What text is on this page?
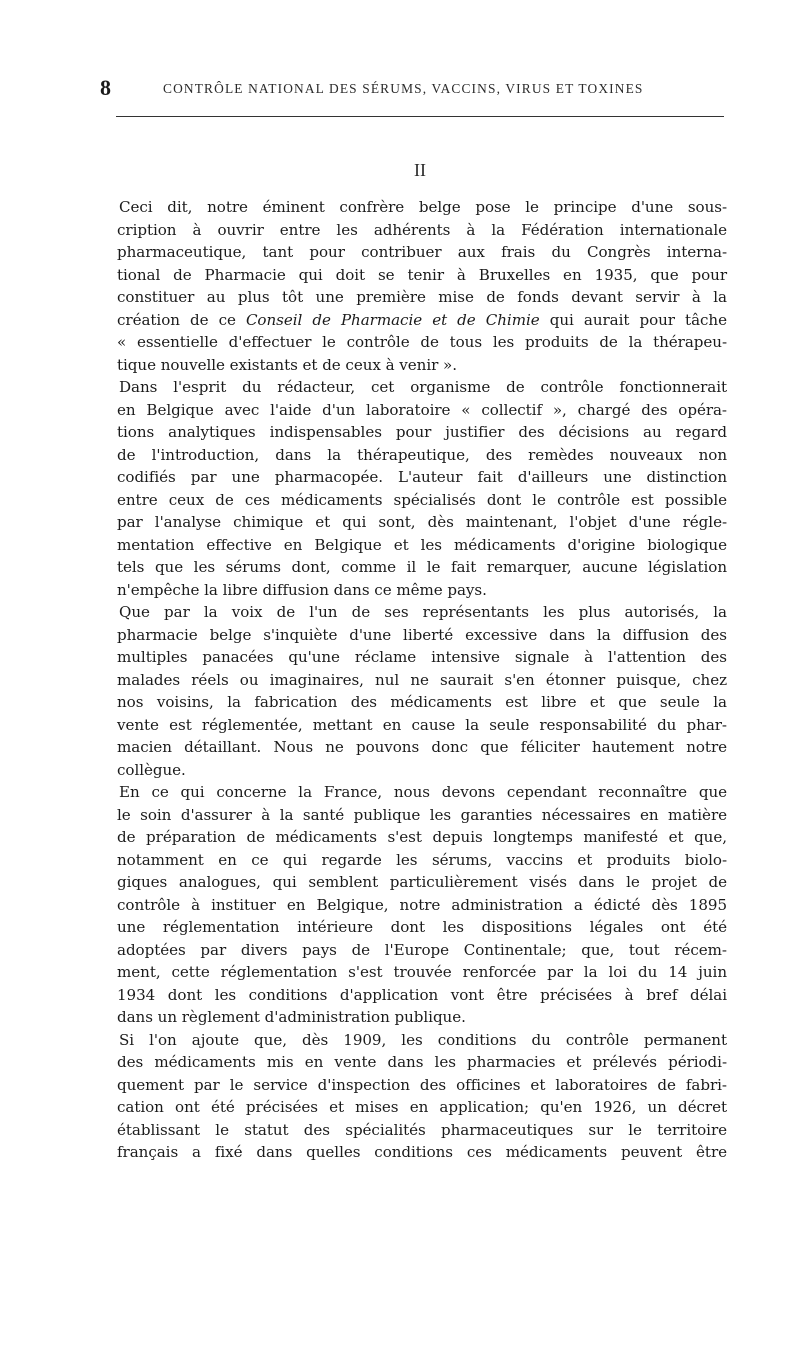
8	CONTRÔLE NATIONAL DES SÉRUMS, VACCINS, VIRUS ET TOXINES
II
Ceci dit, notre éminent confrère belge pose le principe d'une sous-
cription à ouvrir entre les adhérents à la Fédération internationale
pharmaceutique, tant pour contribuer aux frais du Congrès interna-
tional de Pharmacie qui doit se tenir à Bruxelles en 1935, que pour
constituer au plus tôt une première mise de fonds devant servir à la
création de ce Conseil de Pharmacie et de Chimie qui aurait pour tâche
« essentielle d'effectuer le contrôle de tous les produits de la thérapeu-
tique nouvelle existants et de ceux à venir ».
Dans l'esprit du rédacteur, cet organisme de contrôle fonctionnerait
en Belgique avec l'aide d'un laboratoire « collectif », chargé des opéra-
tions analytiques indispensables pour justifier des décisions au regard
de l'introduction, dans la thérapeutique, des remèdes nouveaux non
codifiés par une pharmacopée. L'auteur fait d'ailleurs une distinction
entre ceux de ces médicaments spécialisés dont le contrôle est possible
par l'analyse chimique et qui sont, dès maintenant, l'objet d'une régle-
mentation effective en Belgique et les médicaments d'origine biologique
tels que les sérums dont, comme il le fait remarquer, aucune législation
n'empêche la libre diffusion dans ce même pays.
Que par la voix de l'un de ses représentants les plus autorisés, la
pharmacie belge s'inquiète d'une liberté excessive dans la diffusion des
multiples panacées qu'une réclame intensive signale à l'attention des
malades réels ou imaginaires, nul ne saurait s'en étonner puisque, chez
nos voisins, la fabrication des médicaments est libre et que seule la
vente est réglementée, mettant en cause la seule responsabilité du phar-
macien détaillant. Nous ne pouvons donc que féliciter hautement notre
collègue.
En ce qui concerne la France, nous devons cependant reconnaître que
le soin d'assurer à la santé publique les garanties nécessaires en matière
de préparation de médicaments s'est depuis longtemps manifesté et que,
notamment en ce qui regarde les sérums, vaccins et produits biolo-
giques analogues, qui semblent particulièrement visés dans le projet de
contrôle à instituer en Belgique, notre administration a édicté dès 1895
une réglementation intérieure dont les dispositions légales ont été
adoptées par divers pays de l'Europe Continentale; que, tout récem-
ment, cette réglementation s'est trouvée renforcée par la loi du 14 juin
1934 dont les conditions d'application vont être précisées à bref délai
dans un règlement d'administration publique.
Si l'on ajoute que, dès 1909, les conditions du contrôle permanent
des médicaments mis en vente dans les pharmacies et prélevés périodi-
quement par le service d'inspection des officines et laboratoires de fabri-
cation ont été précisées et mises en application; qu'en 1926, un décret
établissant le statut des spécialités pharmaceutiques sur le territoire
français a fixé dans quelles conditions ces médicaments peuvent être
